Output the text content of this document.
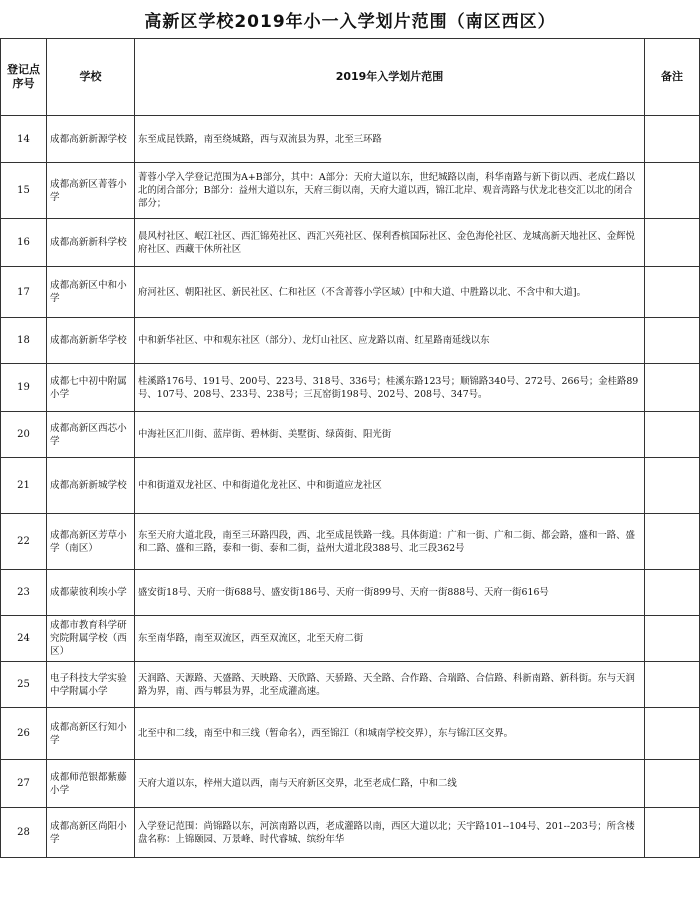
高新区学校2019年小一入学划片范围（南区西区）
登记点序号	学校	2019年入学划片范围	备注
14	成都高新新源学校	东至成昆铁路，南至绕城路，西与双流县为界，北至三环路	
15	成都高新区菁蓉小学	菁蓉小学入学登记范围为A+B部分，其中：A部分：天府大道以东，世纪城路以南，科华南路与新下街以西、老成仁路以北的闭合部分；B部分：益州大道以东，天府三街以南，天府大道以西，锦江北岸、观音湾路与伏龙北巷交汇以北的闭合部分；	
16	成都高新新科学校	晨风村社区、岷江社区、西汇锦苑社区、西汇兴苑社区、保利香槟国际社区、金色海伦社区、龙城高新天地社区、金辉悦府社区、西藏干休所社区	
17	成都高新区中和小学	府河社区、朝阳社区、新民社区、仁和社区（不含菁蓉小学区域）[中和大道、中胜路以北、不含中和大道]。	
18	成都高新新华学校	中和新华社区、中和观东社区（部分）、龙灯山社区、应龙路以南、红星路南延线以东	
19	成都七中初中附属小学	桂溪路176号、191号、200号、223号、318号、336号；桂溪东路123号；顺锦路340号、272号、266号；金桂路89号、107号、208号、233号、238号；三瓦窑街198号、202号、208号、347号。	
20	成都高新区西芯小学	中海社区汇川街、蓝岸街、碧林街、美墅街、绿茵街、阳光街	
21	成都高新新城学校	中和街道双龙社区、中和街道化龙社区、中和街道应龙社区	
22	成都高新区芳草小学（南区）	东至天府大道北段，南至三环路四段，西、北至成昆铁路一线。具体街道：广和一街、广和二街、都会路，盛和一路、盛和二路、盛和三路，泰和一街、泰和二街，益州大道北段388号、北三段362号	
23	成都蒙彼利埃小学	盛安街18号、天府一街688号、盛安街186号、天府一街899号、天府一街888号、天府一街616号	
24	成都市教育科学研究院附属学校（西区）	东至南华路，南至双流区，西至双流区，北至天府二街	
25	电子科技大学实验中学附属小学	天润路、天源路、天盛路、天映路、天欣路、天骄路、天全路、合作路、合瑞路、合信路、科新南路、新科街。东与天润路为界，南、西与郫县为界，北至成灌高速。	
26	成都高新区行知小学	北至中和二线，南至中和三线（暂命名），西至锦江（和城南学校交界），东与锦江区交界。	
27	成都师范银都紫藤小学	天府大道以东，梓州大道以西，南与天府新区交界，北至老成仁路，中和二线	
28	成都高新区尚阳小学	入学登记范围：尚锦路以东，河滨南路以西，老成灌路以南，西区大道以北；天宇路101--104号、201--203号；所含楼盘名称：上锦颐园、万景峰、时代睿城、缤纷年华	
